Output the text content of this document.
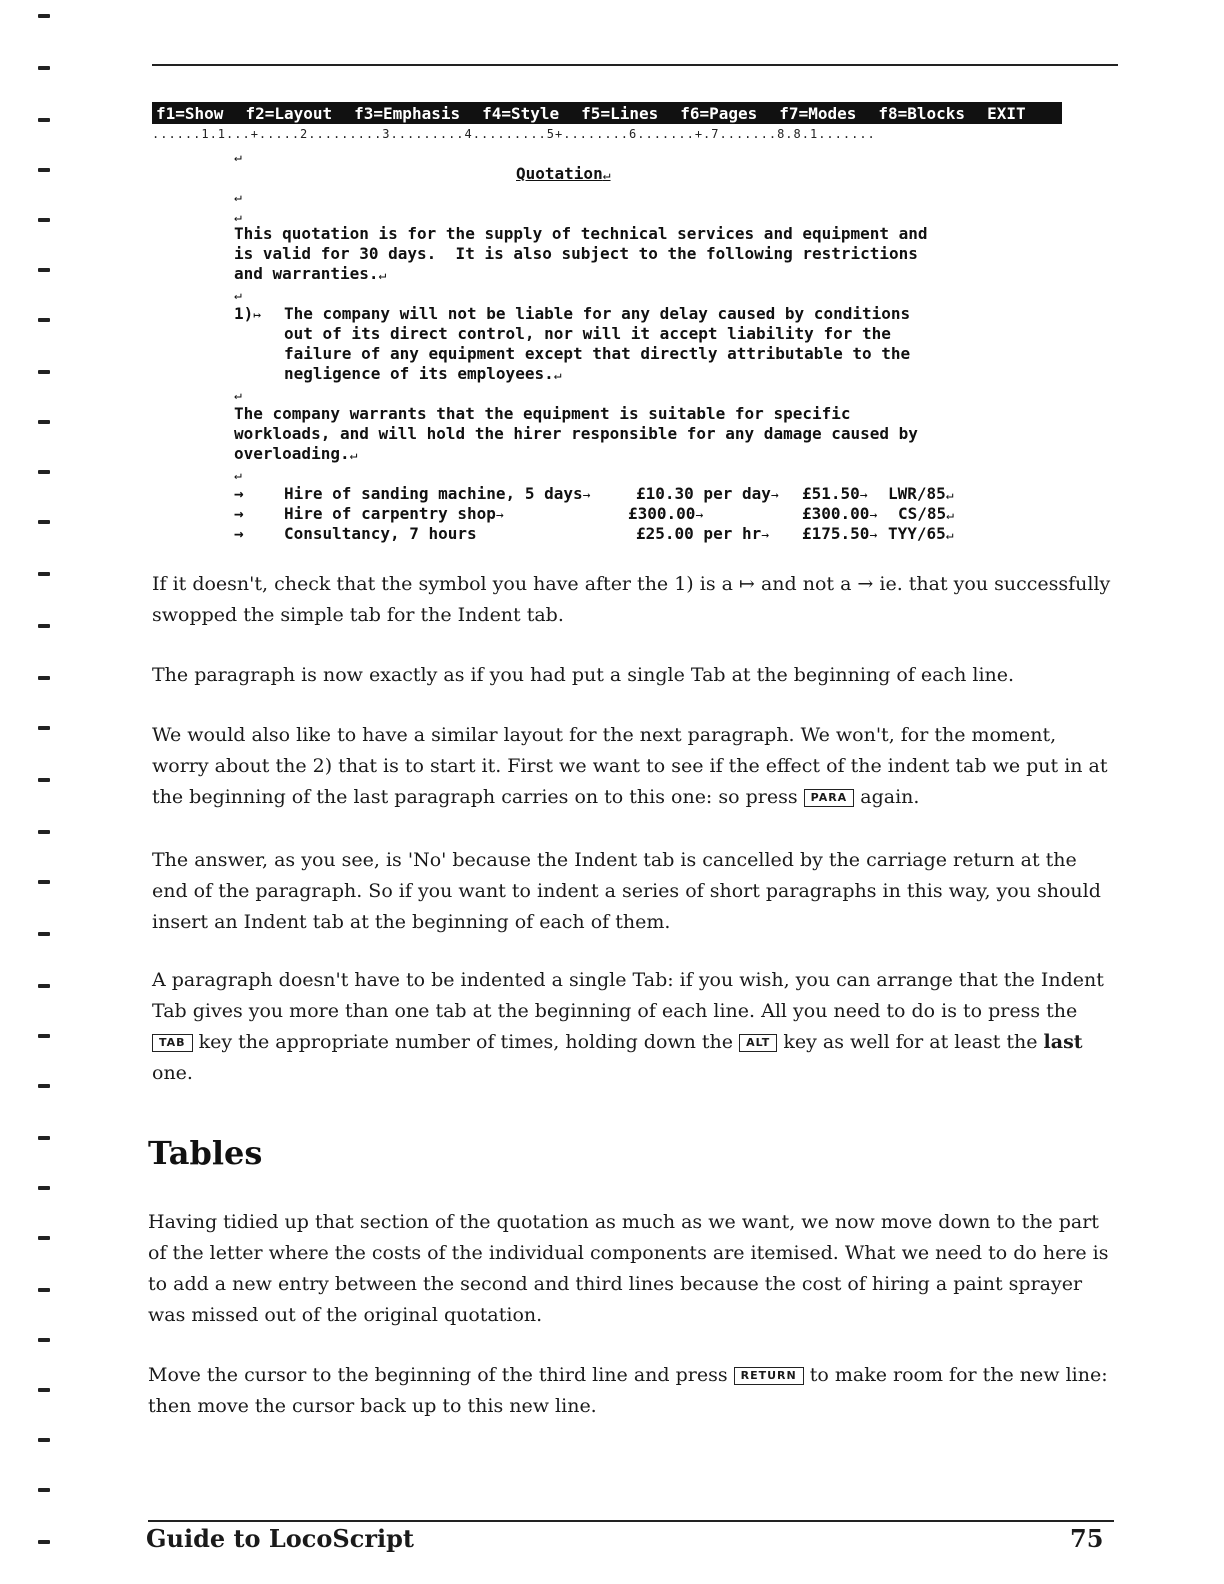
f1=Show f2=Layout f3=Emphasis f4=Style f5=Lines f6=Pages f7=Modes f8=Blocks EXIT
......1.1...+.....2.........3.........4.........5+........6.......+.7.......8.8.1.......
↵
Quotation↵
↵
↵
This quotation is for the supply of technical services and equipment and
is valid for 30 days.  It is also subject to the following restrictions
and warranties.↵
↵
1)↦ The company will not be liable for any delay caused by conditions
out of its direct control, nor will it accept liability for the
failure of any equipment except that directly attributable to the
negligence of its employees.↵
↵
The company warrants that the equipment is suitable for specific
workloads, and will hold the hirer responsible for any damage caused by
overloading.↵
↵
→	Hire of sanding machine, 5 days→	£10.30 per day→ £51.50→ LWR/85↵
→	Hire of carpentry shop→	£300.00→	£300.00→ CS/85↵
→	Consultancy, 7 hours	£25.00 per hr→ £175.50→ TYY/65↵

If it doesn't, check that the symbol you have after the 1) is a ↦ and not a → ie. that you successfully swopped the simple tab for the Indent tab.

The paragraph is now exactly as if you had put a single Tab at the beginning of each line.

We would also like to have a similar layout for the next paragraph. We won't, for the moment, worry about the 2) that is to start it. First we want to see if the effect of the indent tab we put in at the beginning of the last paragraph carries on to this one: so press PARA again.

The answer, as you see, is 'No' because the Indent tab is cancelled by the carriage return at the end of the paragraph. So if you want to indent a series of short paragraphs in this way, you should insert an Indent tab at the beginning of each of them.

A paragraph doesn't have to be indented a single Tab: if you wish, you can arrange that the Indent Tab gives you more than one tab at the beginning of each line. All you need to do is to press the TAB key the appropriate number of times, holding down the ALT key as well for at least the last one.

Tables

Having tidied up that section of the quotation as much as we want, we now move down to the part of the letter where the costs of the individual components are itemised. What we need to do here is to add a new entry between the second and third lines because the cost of hiring a paint sprayer was missed out of the original quotation.

Move the cursor to the beginning of the third line and press RETURN to make room for the new line: then move the cursor back up to this new line.

Guide to LocoScript	75
